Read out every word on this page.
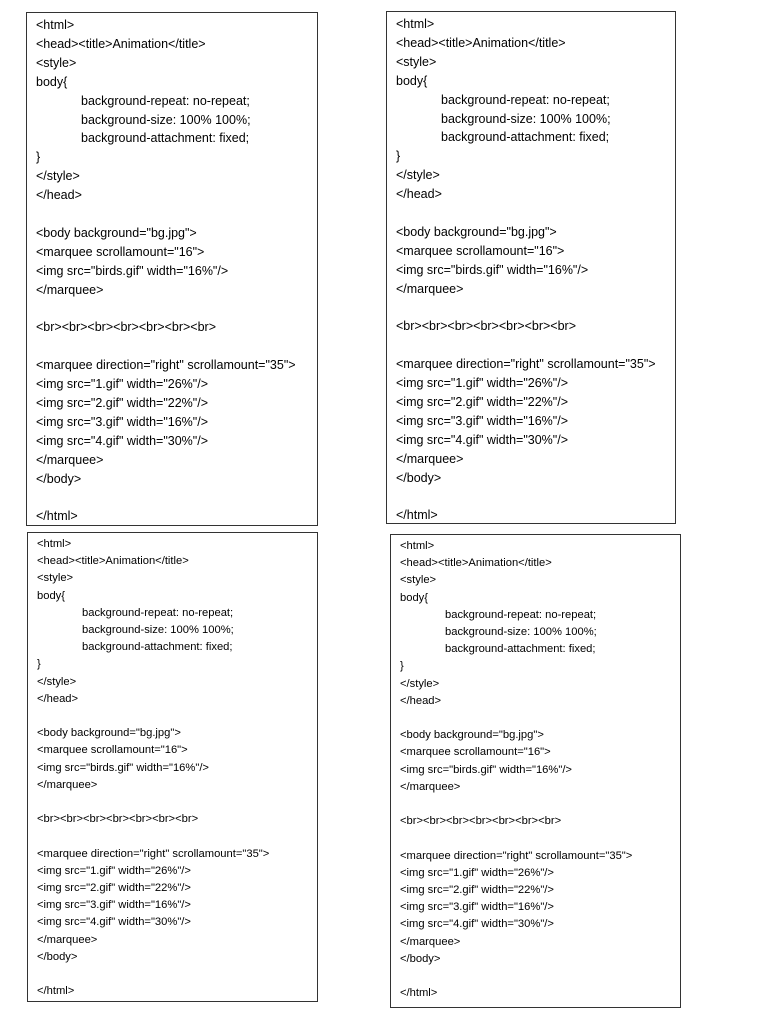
<html>
<head><title>Animation</title>
<style>
body{
background-repeat: no-repeat;
background-size: 100% 100%;
background-attachment: fixed;
}
</style>
</head>
<body background="bg.jpg">
<marquee scrollamount="16">
<img src="birds.gif" width="16%"/>
</marquee>
<br><br><br><br><br><br><br>
<marquee direction="right" scrollamount="35">
<img src="1.gif" width="26%"/>
<img src="2.gif" width="22%"/>
<img src="3.gif" width="16%"/>
<img src="4.gif" width="30%"/>
</marquee>
</body>
</html>
<html>
<head><title>Animation</title>
<style>
body{
background-repeat: no-repeat;
background-size: 100% 100%;
background-attachment: fixed;
}
</style>
</head>
<body background="bg.jpg">
<marquee scrollamount="16">
<img src="birds.gif" width="16%"/>
</marquee>
<br><br><br><br><br><br><br>
<marquee direction="right" scrollamount="35">
<img src="1.gif" width="26%"/>
<img src="2.gif" width="22%"/>
<img src="3.gif" width="16%"/>
<img src="4.gif" width="30%"/>
</marquee>
</body>
</html>
<html>
<head><title>Animation</title>
<style>
body{
background-repeat: no-repeat;
background-size: 100% 100%;
background-attachment: fixed;
}
</style>
</head>
<body background="bg.jpg">
<marquee scrollamount="16">
<img src="birds.gif" width="16%"/>
</marquee>
<br><br><br><br><br><br><br>
<marquee direction="right" scrollamount="35">
<img src="1.gif" width="26%"/>
<img src="2.gif" width="22%"/>
<img src="3.gif" width="16%"/>
<img src="4.gif" width="30%"/>
</marquee>
</body>
</html>
<html>
<head><title>Animation</title>
<style>
body{
background-repeat: no-repeat;
background-size: 100% 100%;
background-attachment: fixed;
}
</style>
</head>
<body background="bg.jpg">
<marquee scrollamount="16">
<img src="birds.gif" width="16%"/>
</marquee>
<br><br><br><br><br><br><br>
<marquee direction="right" scrollamount="35">
<img src="1.gif" width="26%"/>
<img src="2.gif" width="22%"/>
<img src="3.gif" width="16%"/>
<img src="4.gif" width="30%"/>
</marquee>
</body>
</html>
